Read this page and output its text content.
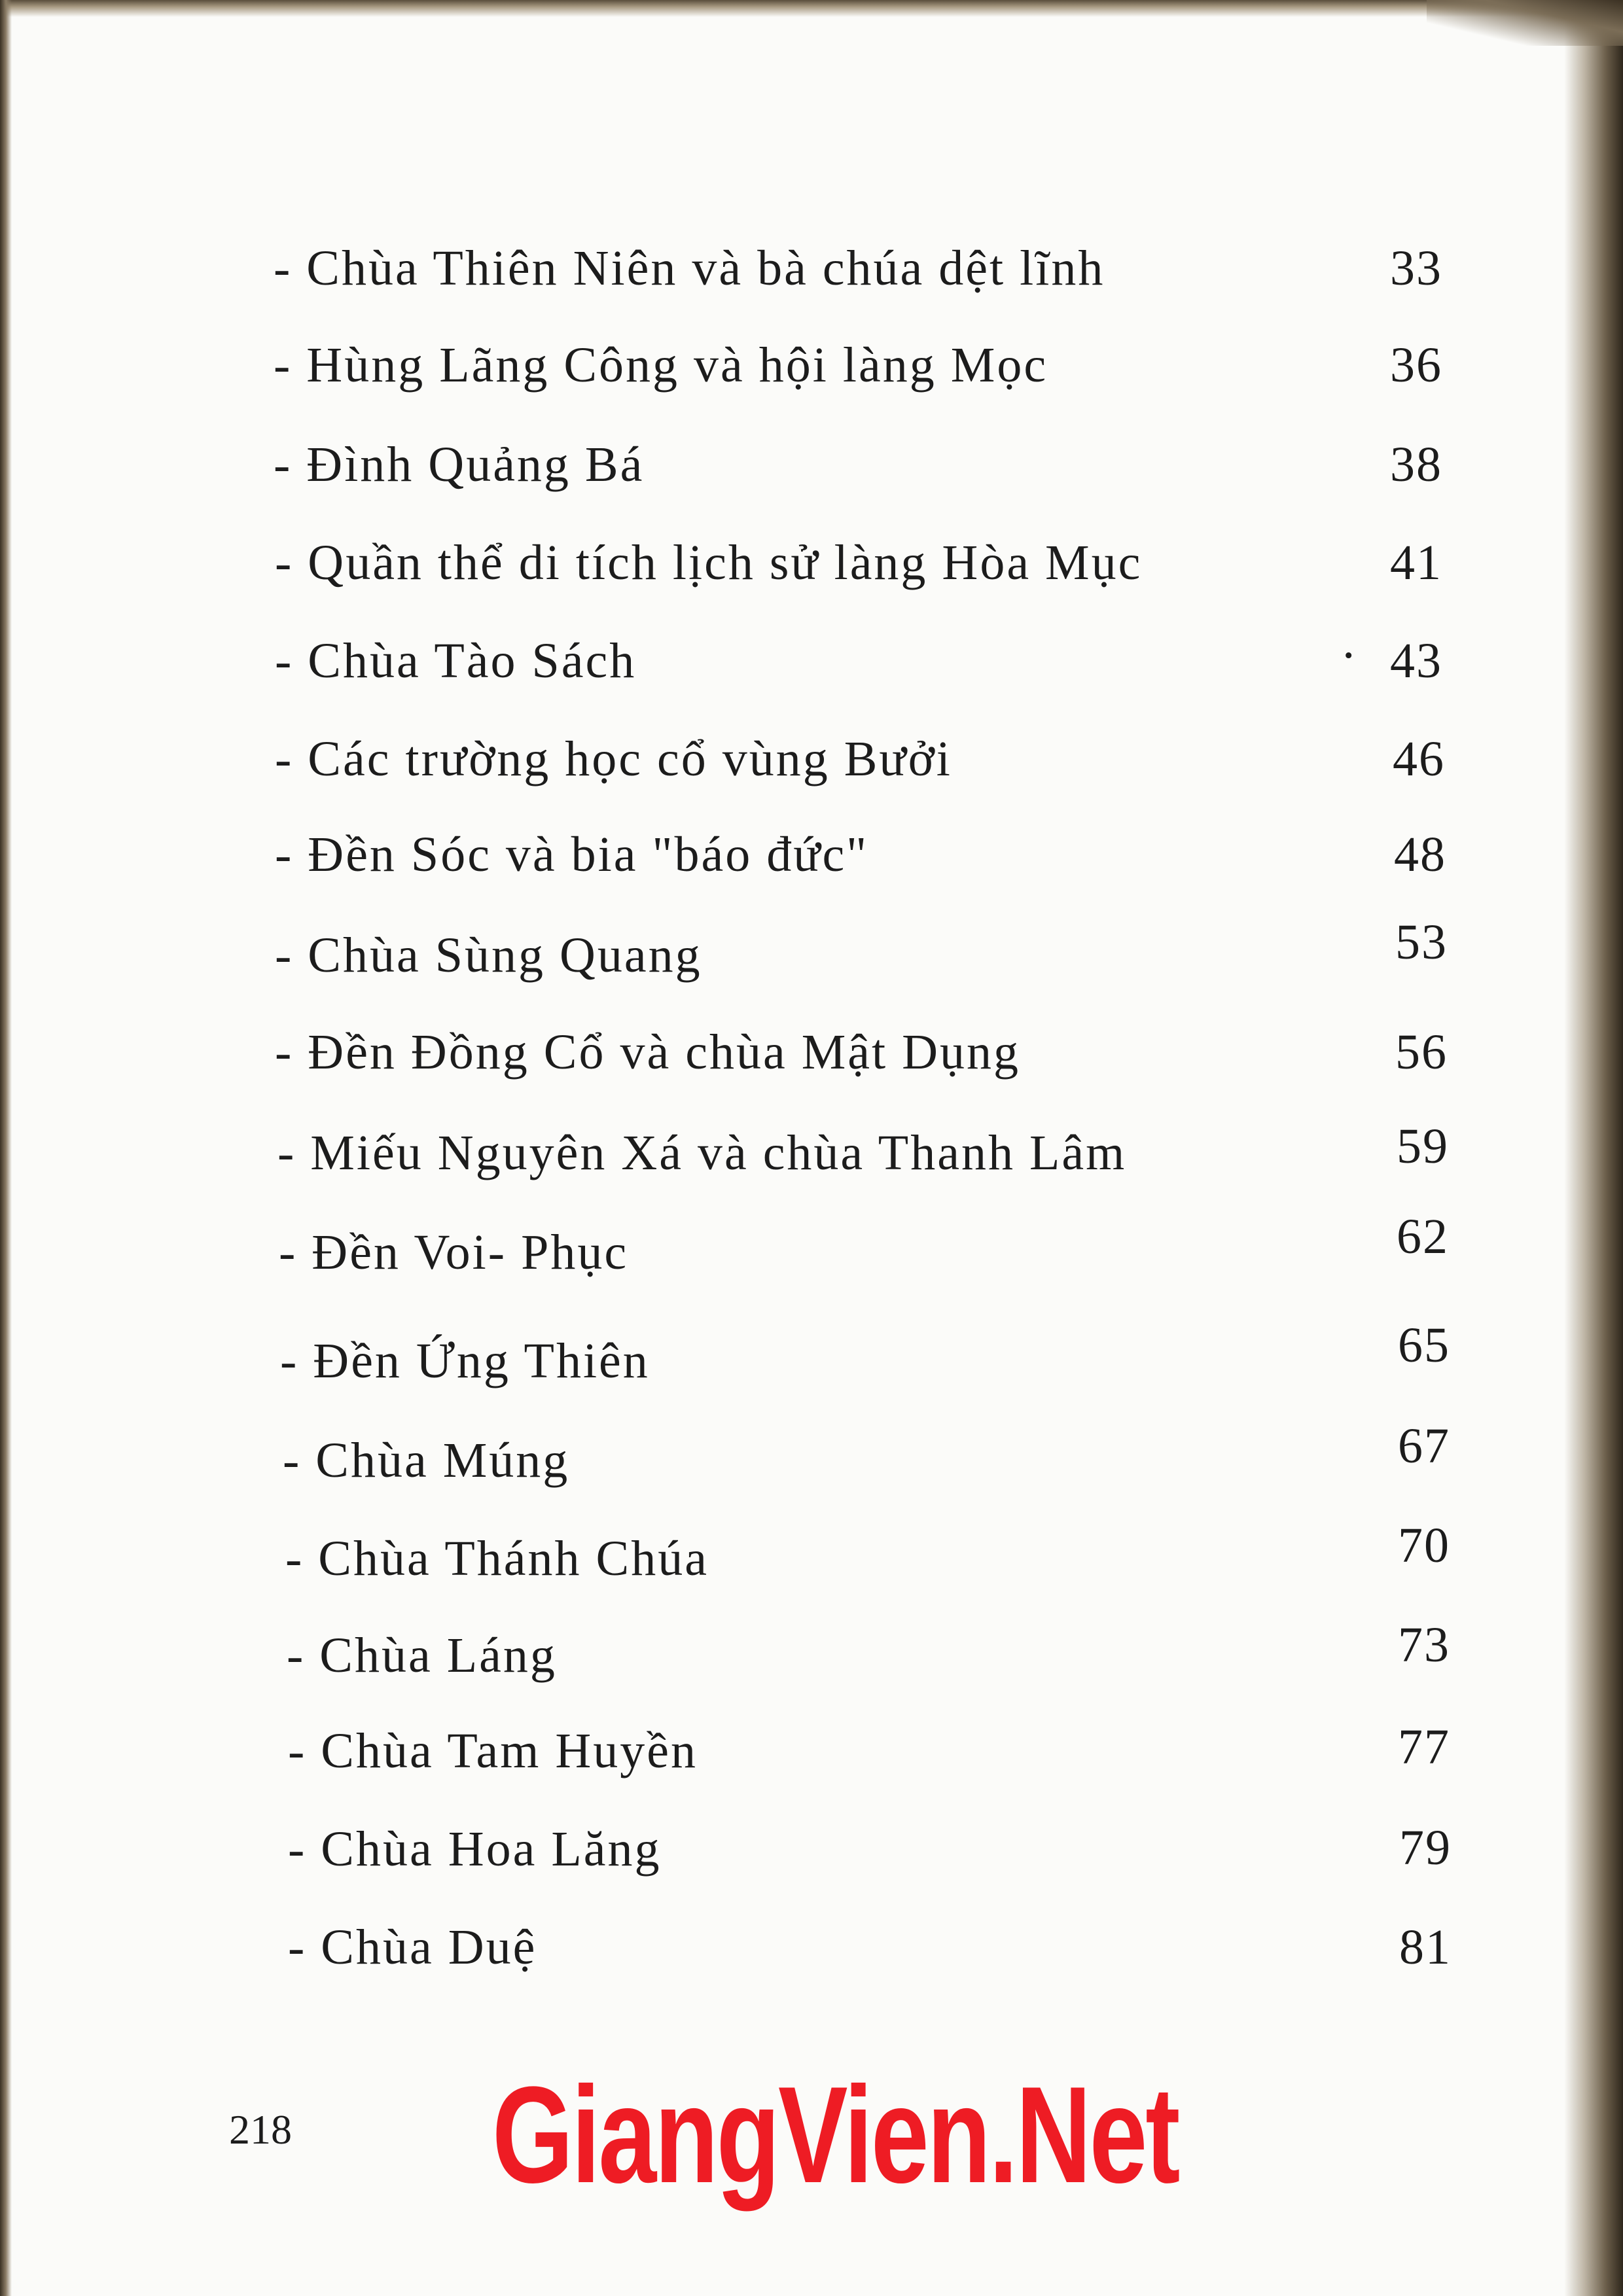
- Chùa Thiên Niên và bà chúa dệt lĩnh	33
- Hùng Lãng Công và hội làng Mọc	36
- Đình Quảng Bá	38
- Quần thể di tích lịch sử làng Hòa Mục	41
- Chùa Tào Sách	· 43
- Các trường học cổ vùng Bưởi	46
- Đền Sóc và bia "báo đức"	48
- Chùa Sùng Quang	53
- Đền Đồng Cổ và chùa Mật Dụng	56
- Miếu Nguyên Xá và chùa Thanh Lâm	59
- Đền Voi- Phục	62
- Đền Ứng Thiên	65
- Chùa Múng	67
- Chùa Thánh Chúa	70
- Chùa Láng	73
- Chùa Tam Huyền	77
- Chùa Hoa Lăng	79
- Chùa Duệ	81
218 GiangVien.Net
